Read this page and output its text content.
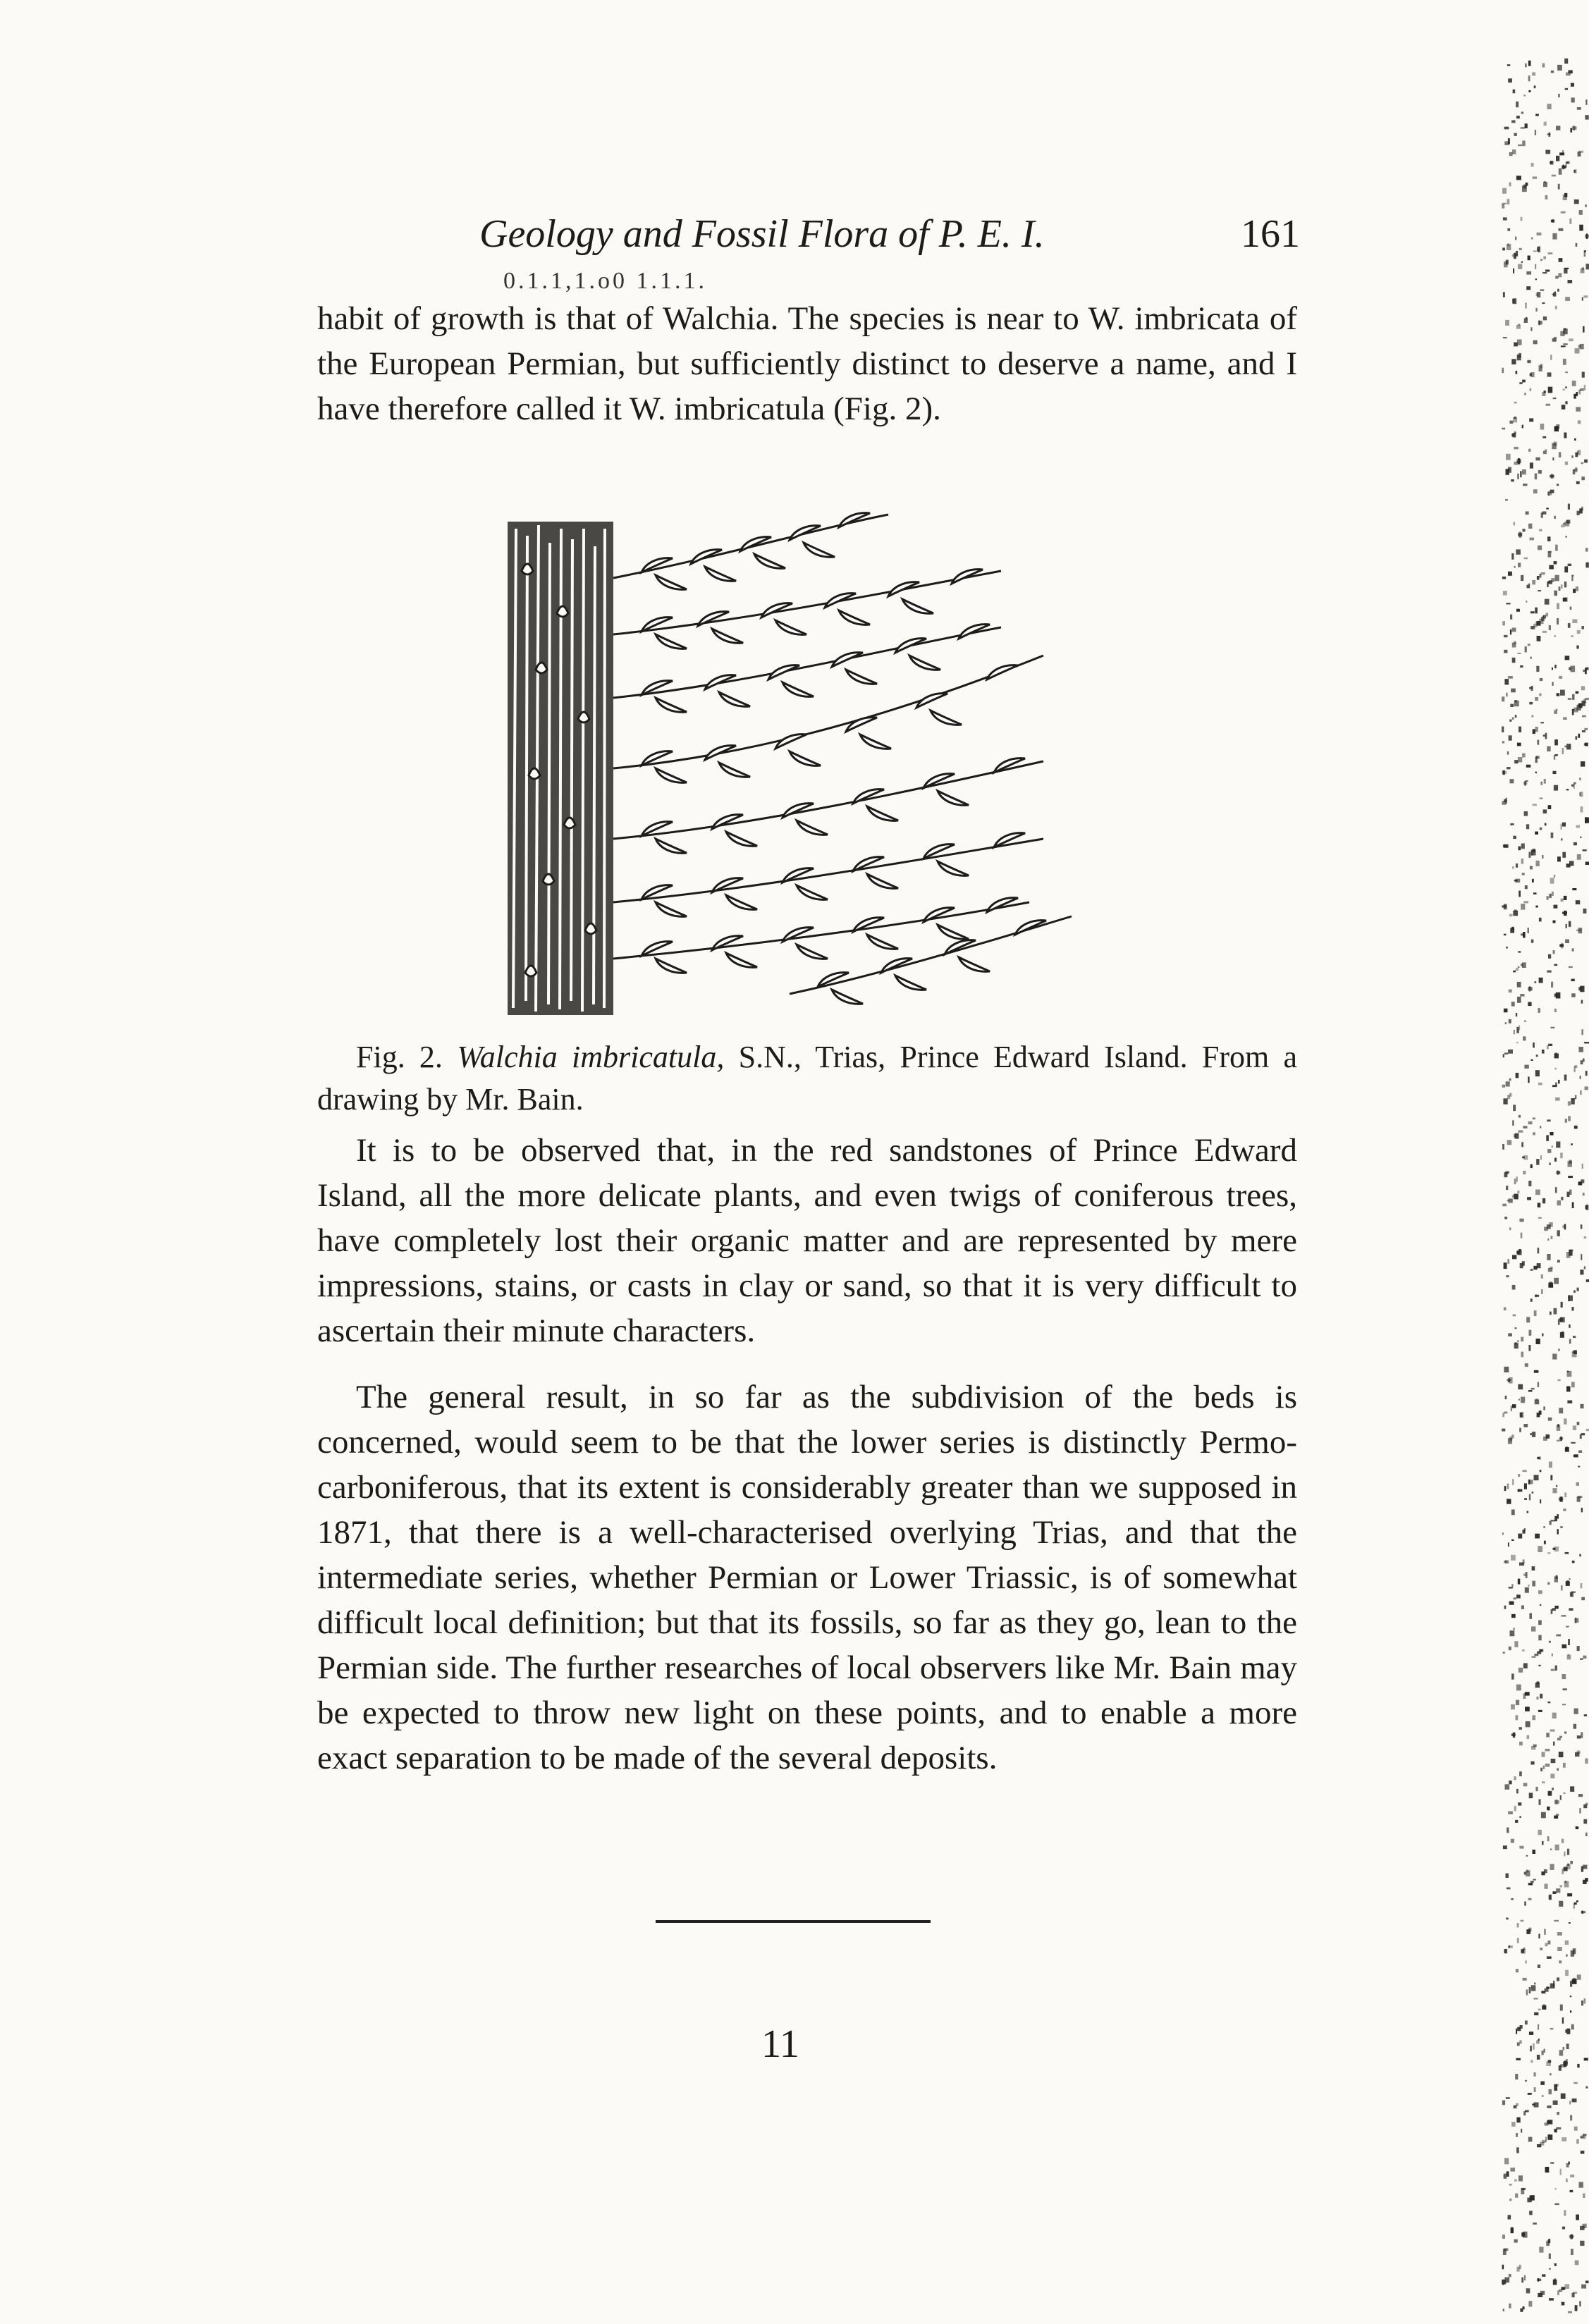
Geology and Fossil Flora of P. E. I.	161
0.1.1,1.o0 1.1.1.

habit of growth is that of Walchia. The species is near to W. imbricata of the European Permian, but sufficiently distinct to deserve a name, and I have therefore called it W. imbricatula (Fig. 2).

Fig. 2. Walchia imbricatula, S.N., Trias, Prince Edward Island. From a drawing by Mr. Bain.

It is to be observed that, in the red sandstones of Prince Edward Island, all the more delicate plants, and even twigs of coniferous trees, have completely lost their organic matter and are represented by mere impressions, stains, or casts in clay or sand, so that it is very difficult to ascertain their minute characters.

The general result, in so far as the subdivision of the beds is concerned, would seem to be that the lower series is distinctly Permo-carboniferous, that its extent is considerably greater than we supposed in 1871, that there is a well-characterised overlying Trias, and that the intermediate series, whether Permian or Lower Triassic, is of somewhat difficult local definition; but that its fossils, so far as they go, lean to the Permian side. The further researches of local observers like Mr. Bain may be expected to throw new light on these points, and to enable a more exact separation to be made of the several deposits.

11
